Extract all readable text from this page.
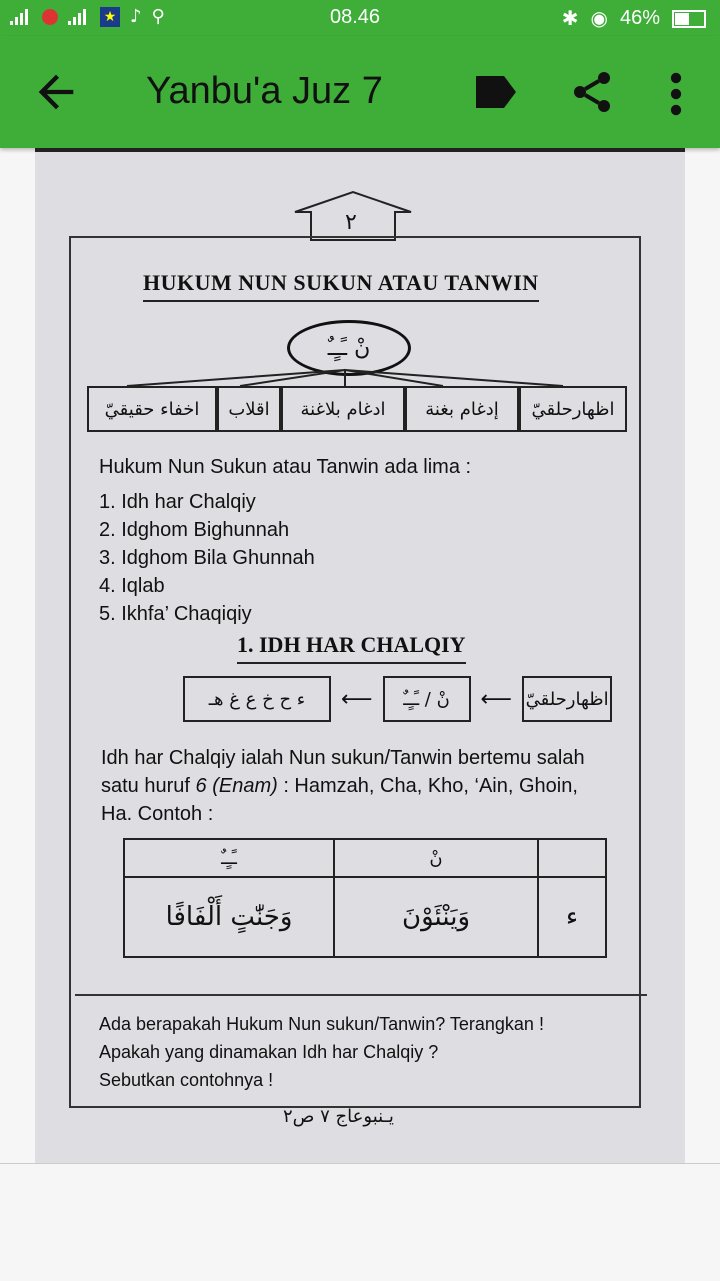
★ ♪ ⚲	08.46	✱ ◉ 46%
Yanbu'a Juz 7
٢
HUKUM NUN SUKUN ATAU TANWIN
نْ ـًـٍـٌ
اخفاء حقيقيّ	اقلاب	ادغام بلاغنة	إدغام بغنة	اظهارحلقيّ
Hukum Nun Sukun atau Tanwin ada lima :
1. Idh har Chalqiy
2. Idghom Bighunnah
3. Idghom Bila Ghunnah
4. Iqlab
5. Ikhfa’ Chaqiqiy
1. IDH HAR CHALQIY
ء ح خ ع غ هـ	⟵	نْ / ـًـٍـٌ	⟵ اظهارحلقيّ
Idh har Chalqiy ialah Nun sukun/Tanwin bertemu salah
satu huruf 6 (Enam) : Hamzah, Cha, Kho, ‘Ain, Ghoin,
Ha. Contoh :
ـًـٍـٌ	نْ	
وَجَنّٰتٍ أَلْفَافًا	وَيَنْئَوْنَ	ء
Ada berapakah Hukum Nun sukun/Tanwin? Terangkan !
Apakah yang dinamakan Idh har Chalqiy ?
Sebutkan contohnya !
يـنبوعاج ٧ ص٢
